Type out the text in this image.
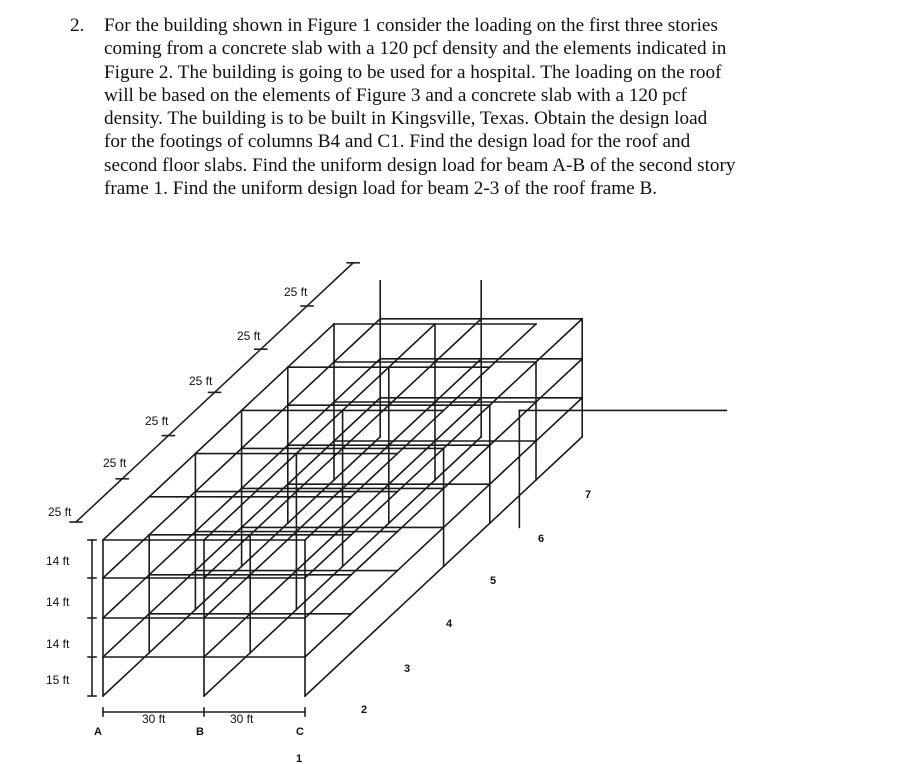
2. For the building shown in Figure 1 consider the loading on the first three stories
coming from a concrete slab with a 120 pcf density and the elements indicated in
Figure 2. The building is going to be used for a hospital. The loading on the roof
will be based on the elements of Figure 3 and a concrete slab with a 120 pcf
density. The building is to be built in Kingsville, Texas. Obtain the design load
for the footings of columns B4 and C1. Find the design load for the roof and
second floor slabs. Find the uniform design load for beam A-B of the second story
frame 1. Find the uniform design load for beam 2-3 of the roof frame B.
25 ft
25 ft
25 ft
25 ft
25 ft
25 ft
14 ft
14 ft
14 ft
15 ft
30 ft	30 ft
A	B	C
1
2
3
4
5
6
7
